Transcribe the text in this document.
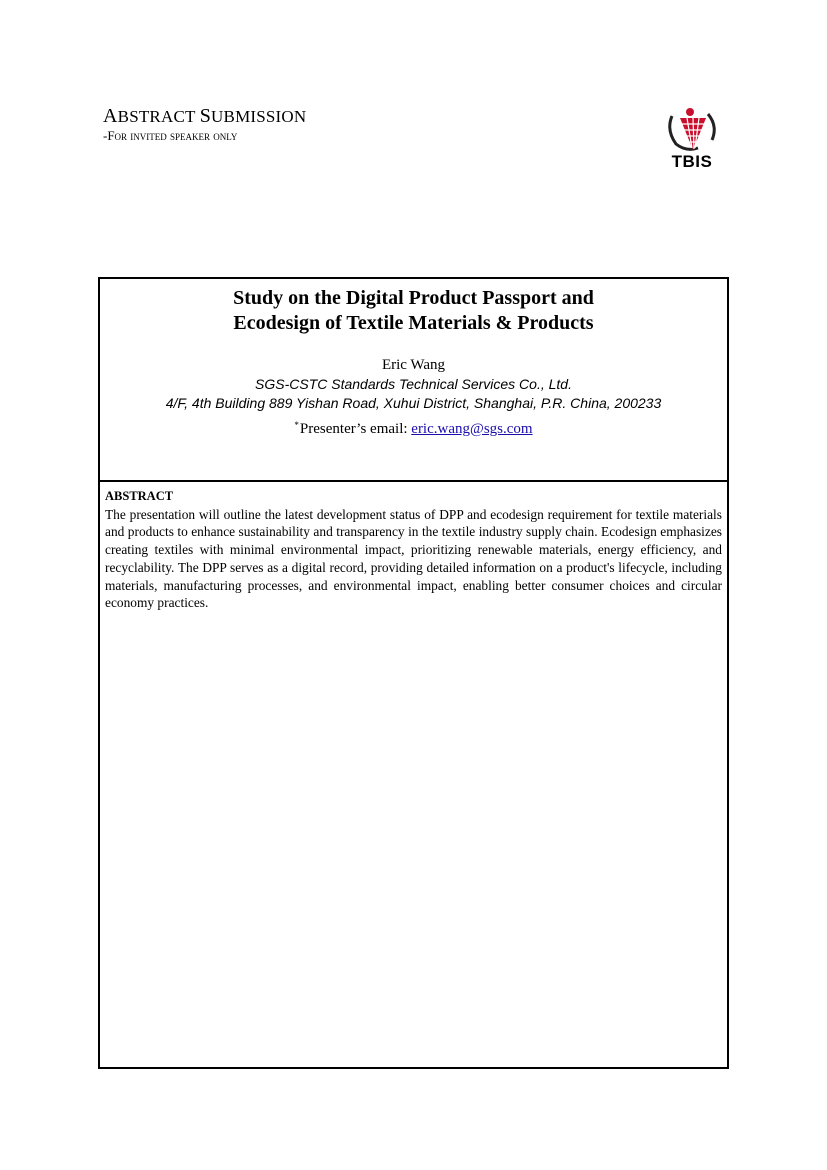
ABSTRACT SUBMISSION
-For invited speaker only
TBIS
Study on the Digital Product Passport and
Ecodesign of Textile Materials & Products
Eric Wang
SGS-CSTC Standards Technical Services Co., Ltd.
4/F, 4th Building 889 Yishan Road, Xuhui District, Shanghai, P.R. China, 200233
*Presenter’s email: eric.wang@sgs.com
ABSTRACT
The presentation will outline the latest development status of DPP and ecodesign requirement for textile materials and products to enhance sustainability and transparency in the textile industry supply chain. Ecodesign emphasizes creating textiles with minimal environmental impact, prioritizing renewable materials, energy efficiency, and recyclability. The DPP serves as a digital record, providing detailed information on a product's lifecycle, including materials, manufacturing processes, and environmental impact, enabling better consumer choices and circular economy practices.
